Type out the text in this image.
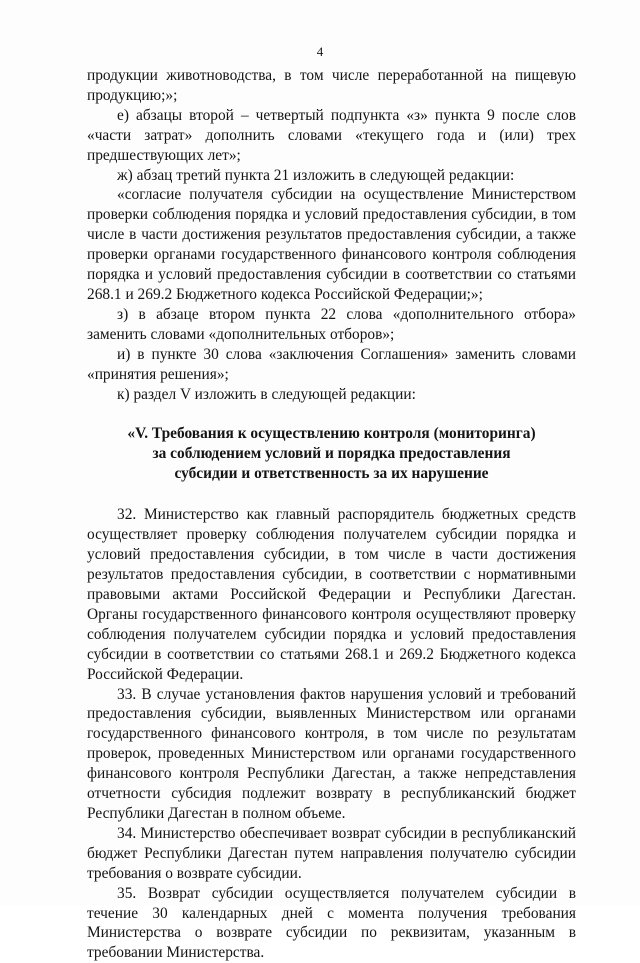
4

продукции животноводства, в том числе переработанной на пищевую продукцию;»;

е) абзацы второй – четвертый подпункта «з» пункта 9 после слов «части затрат» дополнить словами «текущего года и (или) трех предшествующих лет»;

ж) абзац третий пункта 21 изложить в следующей редакции:

«согласие получателя субсидии на осуществление Министерством проверки соблюдения порядка и условий предоставления субсидии, в том числе в части достижения результатов предоставления субсидии, а также проверки органами государственного финансового контроля соблюдения порядка и условий предоставления субсидии в соответствии со статьями 268.1 и 269.2 Бюджетного кодекса Российской Федерации;»;

з) в абзаце втором пункта 22 слова «дополнительного отбора» заменить словами «дополнительных отборов»;

и) в пункте 30 слова «заключения Соглашения» заменить словами «принятия решения»;

к) раздел V изложить в следующей редакции:

«V. Требования к осуществлению контроля (мониторинга)
за соблюдением условий и порядка предоставления
субсидии и ответственность за их нарушение

32. Министерство как главный распорядитель бюджетных средств осуществляет проверку соблюдения получателем субсидии порядка и условий предоставления субсидии, в том числе в части достижения результатов предоставления субсидии, в соответствии с нормативными правовыми актами Российской Федерации и Республики Дагестан. Органы государственного финансового контроля осуществляют проверку соблюдения получателем субсидии порядка и условий предоставления субсидии в соответствии со статьями 268.1 и 269.2 Бюджетного кодекса Российской Федерации.

33. В случае установления фактов нарушения условий и требований предоставления субсидии, выявленных Министерством или органами государственного финансового контроля, в том числе по результатам проверок, проведенных Министерством или органами государственного финансового контроля Республики Дагестан, а также непредставления отчетности субсидия подлежит возврату в республиканский бюджет Республики Дагестан в полном объеме.

34. Министерство обеспечивает возврат субсидии в республиканский бюджет Республики Дагестан путем направления получателю субсидии требования о возврате субсидии.

35. Возврат субсидии осуществляется получателем субсидии в течение 30 календарных дней с момента получения требования Министерства о возврате субсидии по реквизитам, указанным в требовании Министерства.
